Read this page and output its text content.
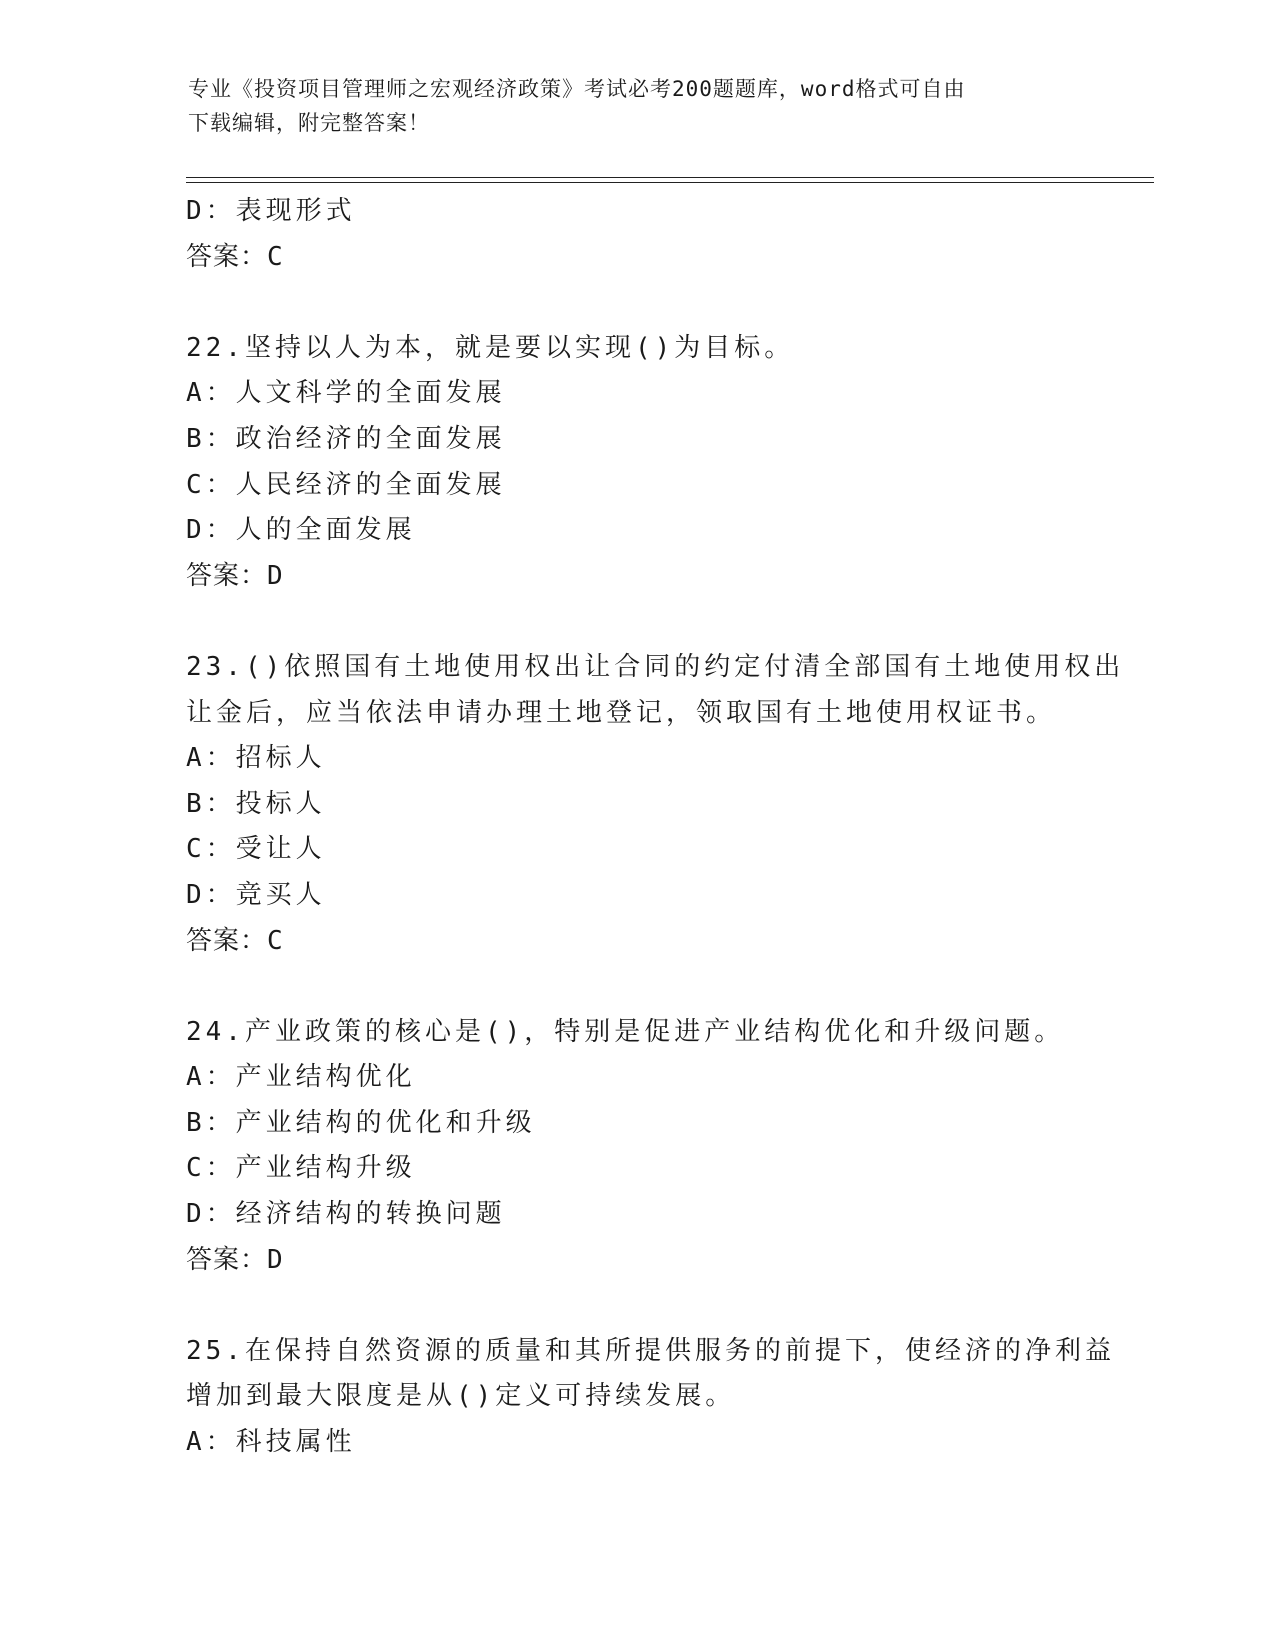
专业《投资项目管理师之宏观经济政策》考试必考200题题库，word格式可自由
下载编辑，附完整答案！
D：表现形式
答案：C
22.坚持以人为本，就是要以实现()为目标。
A：人文科学的全面发展
B：政治经济的全面发展
C：人民经济的全面发展
D：人的全面发展
答案：D
23.()依照国有土地使用权出让合同的约定付清全部国有土地使用权出
让金后，应当依法申请办理土地登记，领取国有土地使用权证书。
A：招标人
B：投标人
C：受让人
D：竞买人
答案：C
24.产业政策的核心是()，特别是促进产业结构优化和升级问题。
A：产业结构优化
B：产业结构的优化和升级
C：产业结构升级
D：经济结构的转换问题
答案：D
25.在保持自然资源的质量和其所提供服务的前提下，使经济的净利益
增加到最大限度是从()定义可持续发展。
A：科技属性
